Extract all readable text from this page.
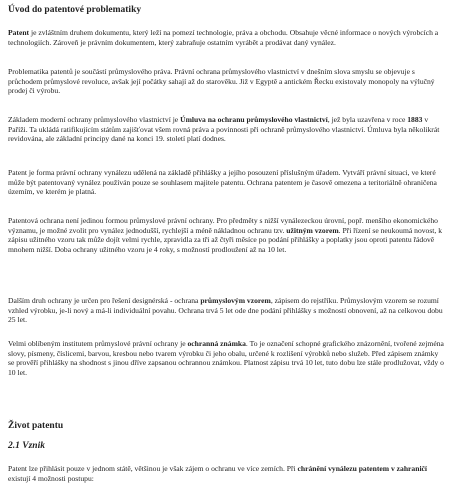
Úvod do patentové problematiky

Patent je zvláštním druhem dokumentu, který leží na pomezí technologie, práva a obchodu. Obsahuje věcné informace o nových výrobcích a technologiích. Zároveň je právním dokumentem, který zabraňuje ostatním vyrábět a prodávat daný vynález.

Problematika patentů je součástí průmyslového práva. Právní ochrana průmyslového vlastnictví v dnešním slova smyslu se objevuje s průchodem průmyslové revoluce, avšak její počátky sahají až do starověku. Již v Egyptě a antickém Řecku existovaly monopoly na výlučný prodej či výrobu.

Základem moderní ochrany průmyslového vlastnictví je Úmluva na ochranu průmyslového vlastnictví, jež byla uzavřena v roce 1883 v Paříži. Ta ukládá ratifikujícím státům zajišťovat všem rovná práva a povinnosti při ochraně průmyslového vlastnictví. Úmluva byla několikrát revidována, ale základní principy dané na konci 19. století platí dodnes.

Patent je forma právní ochrany vynálezu udělená na základě přihlášky a jejího posouzení příslušným úřadem. Vytváří právní situaci, ve které může být patentovaný vynález používán pouze se souhlasem majitele patentu. Ochrana patentem je časově omezena a teritoriálně ohraničena územím, ve kterém je platná.

Patentová ochrana není jedinou formou průmyslové právní ochrany. Pro předměty s nižší vynálezeckou úrovní, popř. menšího ekonomického významu, je možné zvolit pro vynález jednodušší, rychlejší a méně nákladnou ochranu tzv. užitným vzorem. Při řízení se neukoumá novost, k zápisu užitného vzoru tak může dojít velmi rychle, zpravidla za tři až čtyři měsíce po podání přihlášky a poplatky jsou oproti patentu řádově mnohem nižší. Doba ochrany užitného vzoru je 4 roky, s možností prodloužení až na 10 let.

Dalším druh ochrany je určen pro řešení designérská - ochrana průmyslovým vzorem, zápisem do rejstříku. Průmyslovým vzorem se rozumí vzhled výrobku, je-li nový a má-li individuální povahu. Ochrana trvá 5 let ode dne podání přihlášky s možností obnovení, až na celkovou dobu 25 let.

Velmi oblíbeným institutem průmyslové právní ochrany je ochranná známka. To je označení schopné grafického znázornění, tvořené zejména slovy, písmeny, číslicemi, barvou, kresbou nebo tvarem výrobku či jeho obalu, určené k rozlišení výrobků nebo služeb. Před zápisem známky se prověří přihlášky na shodnost s jinou dříve zapsanou ochrannou známkou. Platnost zápisu trvá 10 let, tuto dobu lze stále prodlužovat, vždy o 10 let.

Život patentu
2.1 Vznik

Patent lze přihlásit pouze v jednom státě, většinou je však zájem o ochranu ve více zemích. Při chránění vynálezu patentem v zahraničí existují 4 možnosti postupu:
